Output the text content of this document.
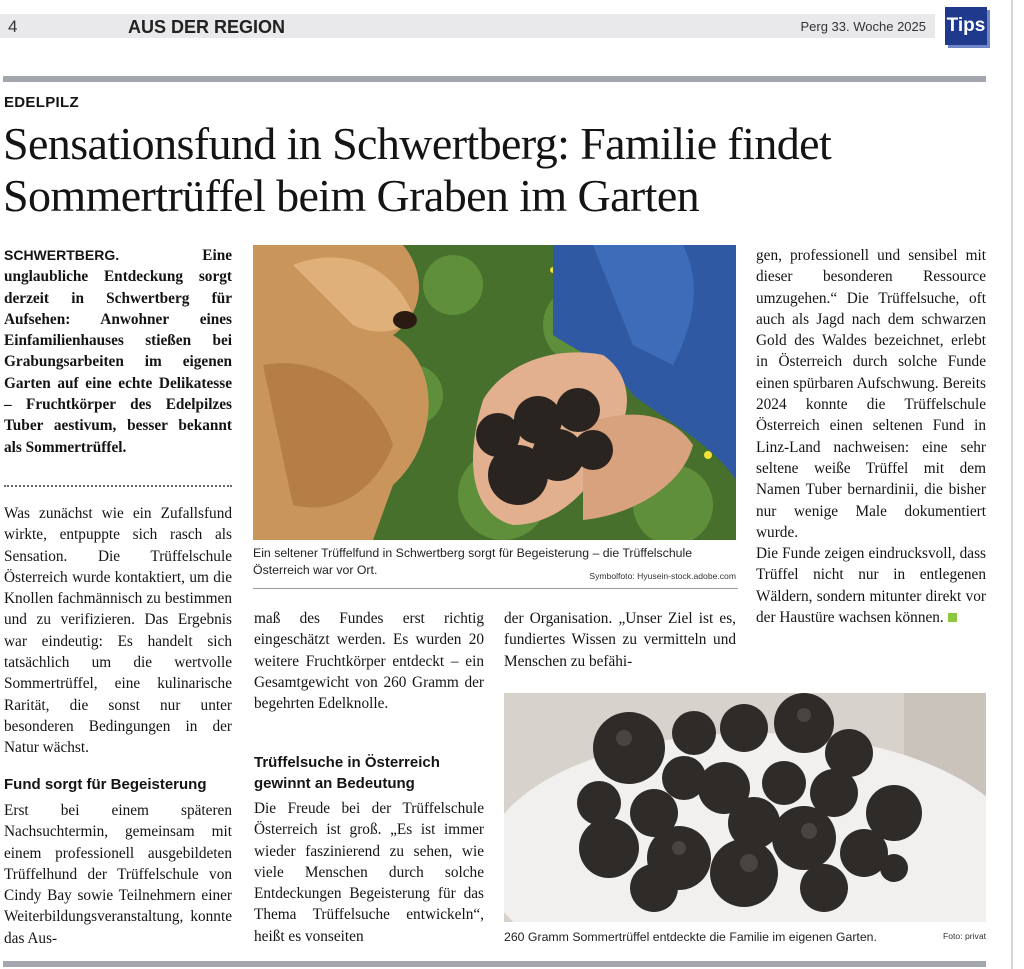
4	AUS DER REGION	Perg 33. Woche 2025 Tips
EDELPILZ
Sensationsfund in Schwertberg: Familie findet Sommertrüffel beim Graben im Garten

SCHWERTBERG.	Eine unglaubliche Entdeckung sorgt derzeit in Schwertberg für Aufsehen: Anwohner eines Einfamilienhauses stießen bei Grabungsarbeiten im eigenen Garten auf eine echte Delikatesse – Fruchtkörper des Edelpilzes Tuber aestivum, besser bekannt als Sommertrüffel.

Was zunächst wie ein Zufallsfund wirkte, entpuppte sich rasch als Sensation. Die Trüffelschule Österreich wurde kontaktiert, um die Knollen fachmännisch zu bestimmen und zu verifizieren. Das Ergebnis war eindeutig: Es handelt sich tatsächlich um die wertvolle Sommertrüffel, eine kulinarische Rarität, die sonst nur unter besonderen Bedingungen in der Natur wächst.

Fund sorgt für Begeisterung

Erst bei einem späteren Nachsuchtermin, gemeinsam mit einem professionell ausgebildeten Trüffelhund der Trüffelschule von Cindy Bay sowie Teilnehmern einer Weiterbildungsveranstaltung, konnte das Aus-

Ein seltener Trüffelfund in Schwertberg sorgt für Begeisterung – die Trüffelschule Österreich war vor Ort.	Symbolfoto: Hyusein-stock.adobe.com

maß des Fundes erst richtig eingeschätzt werden. Es wurden 20 weitere Fruchtkörper entdeckt – ein Gesamtgewicht von 260 Gramm der begehrten Edelknolle.

Trüffelsuche in Österreich gewinnt an Bedeutung

Die Freude bei der Trüffelschule Österreich ist groß. „Es ist immer wieder faszinierend zu sehen, wie viele Menschen durch solche Entdeckungen Begeisterung für das Thema Trüffelsuche entwickeln“, heißt es vonseiten

der Organisation. „Unser Ziel ist es, fundiertes Wissen zu vermitteln und Menschen zu befähi-

gen, professionell und sensibel mit dieser besonderen Ressource umzugehen.“ Die Trüffelsuche, oft auch als Jagd nach dem schwarzen Gold des Waldes bezeichnet, erlebt in Österreich durch solche Funde einen spürbaren Aufschwung. Bereits 2024 konnte die Trüffelschule Österreich einen seltenen Fund in Linz-Land nachweisen: eine sehr seltene weiße Trüffel mit dem Namen Tuber bernardinii, die bisher nur wenige Male dokumentiert wurde.

Die Funde zeigen eindrucksvoll, dass Trüffel nicht nur in entlegenen Wäldern, sondern mitunter direkt vor der Haustüre wachsen können.

260 Gramm Sommertrüffel entdeckte die Familie im eigenen Garten.	Foto: privat
